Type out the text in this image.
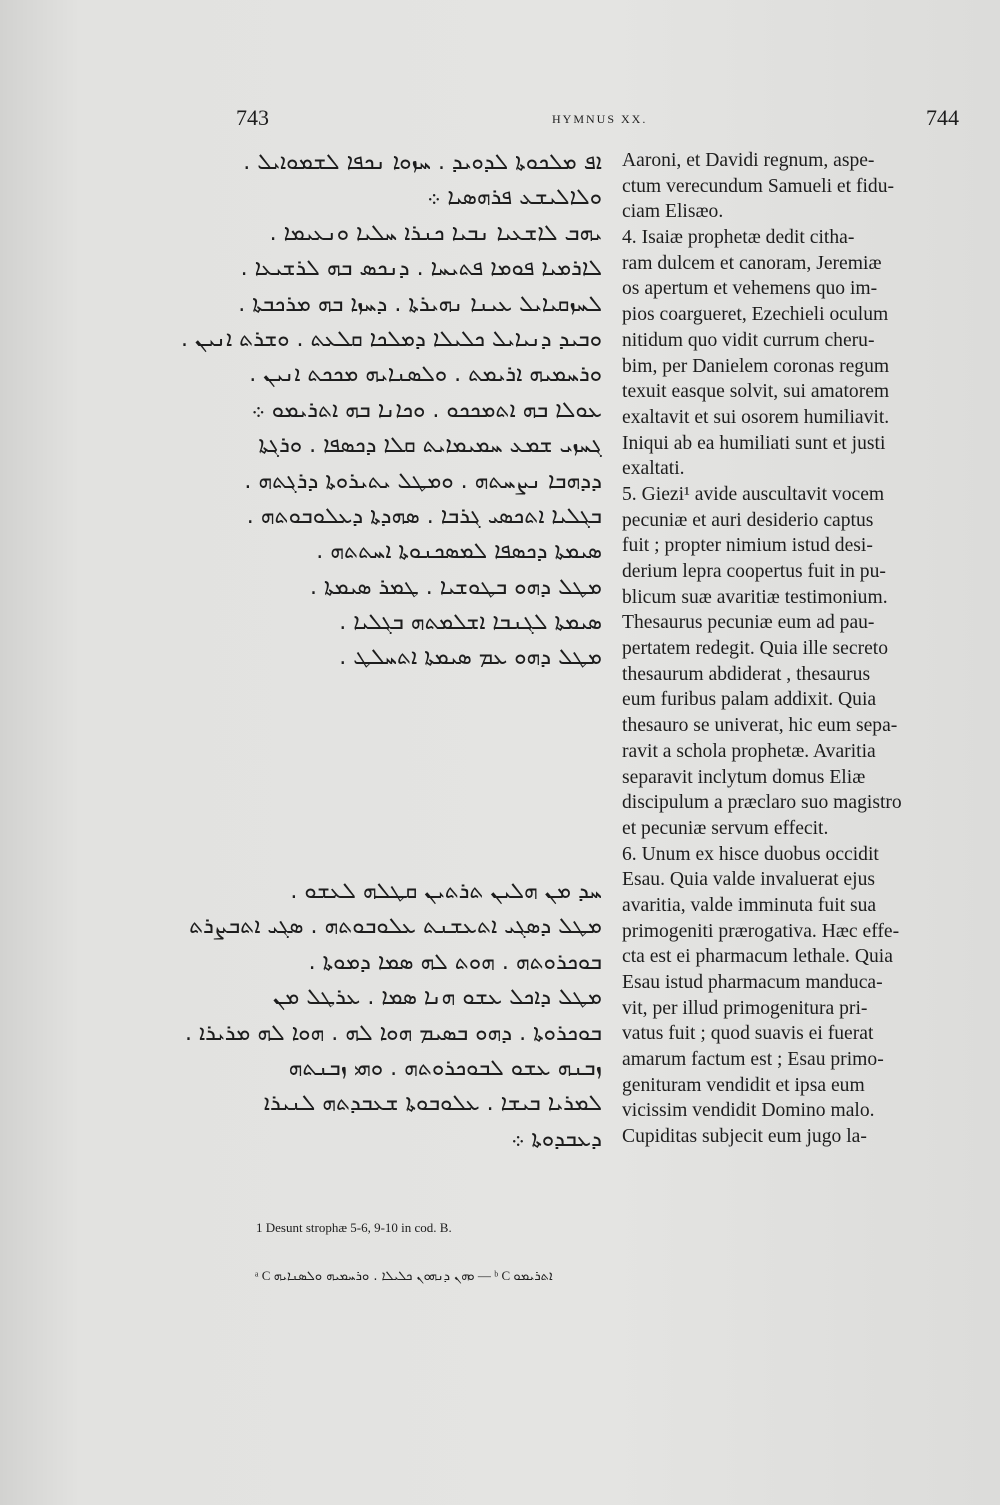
743	HYMNUS XX.	744
ܐܦ ܡܠܟܘܬܐ ܠܕܘܝܕ . ܚܙܘܐ ܢܟܦܐ ܠܫܡܘܐܝܠ .
ܘܠܐܠܝܫܥ ܦܪܗܣܝܐ ܀
ܝܗܒ ܠܐܫܥܝܐ ܢܒܝܐ ܟܢܪܐ ܚܠܝܐ ܘܢܥܝܡܐ .
ܠܐܪܡܝܐ ܦܘܡܐ ܦܬܝܚܐ . ܕܢܟܣ ܒܗ ܠܪܫܝܥܐ .
ܠܚܙܩܝܐܝܠ ܥܝܢܐ ܢܗܝܪܬܐ . ܕܚܙܐ ܒܗ ܡܪܟܒܬܐ .
ܘܒܝܕ ܕܢܝܐܝܠ ܟܠܝܠܐ ܕܡܠܟܐ ܩܠܥܬ . ܘܫܪܬ ܐܢܝܢ .
ܘܪܚܡܝܗ ܐܪܝܡܬ . ܘܠܣܢܐܝܗ ܡܟܟܬ ܐܢܝܢ .
ܥܘܠܐ ܒܗ ܐܬܡܟܟܘ . ܘܟܐܢܐ ܒܗ ܐܬܪܝܡܘ ܀
ܓܚܙܝ ܫܡܥ ܚܡܝܡܐܝܬ ܩܠܐ ܕܟܣܦܐ . ܘܪܓܬܐ
ܕܕܗܒܐ ܢܨܚܬܗ . ܘܡܛܠ ܝܬܝܪܘܬܐ ܕܪܓܬܗ .
ܒܓܠܝܐ ܐܬܟܣܝ ܓܪܒܐ . ܣܗܕܬܐ ܕܥܠܘܒܘܬܗ .
ܣܝܡܬܐ ܕܟܣܦܐ ܠܡܣܟܢܘܬܐ ܐܚܬܬܗ .
ܡܛܠ ܕܗܘ ܒܛܘܫܝܐ . ܛܡܪ ܣܝܡܬܐ .
ܣܝܡܬܐ ܠܓܢܒܐ ܐܫܠܡܬܗ ܒܓܠܝܐ .
ܡܛܠ ܕܗܘ ܥܡ ܣܝܡܬܐ ܐܬܚܠܛ .
ܚܕ ܡܢ ܗܠܝܢ ܬܪܬܝܢ ܩܛܠܗ ܠܥܫܘ .
ܡܛܠ ܕܣܓܝ ܐܬܥܫܢܬ ܥܠܘܒܘܬܗ . ܣܓܝ ܐܬܒܨܪܬ
ܒܘܟܪܘܬܗ . ܗܘܬ ܠܗ ܣܡܐ ܕܡܘܬܐ .
ܡܛܠ ܕܐܟܠ ܥܫܘ ܗܢܐ ܣܡܐ . ܥܪܛܠ ܡܢ
ܒܘܟܪܘܬܐ . ܕܗܘ ܒܣܝܡ ܗܘܐ ܠܗ . ܗܘܐ ܠܗ ܡܪܝܪܐ .
ܙܒܢܗ ܥܫܘ ܠܒܘܟܪܘܬܗ . ܘܗܝ ܙܒܢܬܗ
ܠܡܪܝܐ ܒܝܫܐ . ܥܠܘܒܘܬܐ ܫܥܒܕܬܗ ܠܢܝܪܐ
ܕܥܒܕܘܬܐ ܀
Aaroni, et Davidi regnum, aspe-
ctum verecundum Samueli et fidu-
ciam Elisæo.
4. Isaiæ prophetæ dedit cithа-
ram dulcem et canoram, Jeremiæ
os apertum et vehemens quo im-
pios coargueret, Ezechieli oculum
nitidum quo vidit currum cheru-
bim, per Danielem coronas regum
texuit easque solvit, sui amatorem
exaltavit et sui osorem humiliavit.
Iniqui ab ea humiliati sunt et justi
exaltati.
5. Giezi¹ avide auscultavit vocem
pecuniæ et auri desiderio captus
fuit ; propter nimium istud desi-
derium lepra coopertus fuit in pu-
blicum suæ avaritiæ testimonium.
Thesaurus pecuniæ eum ad pau-
pertatem redegit. Quia ille secreto
thesaurum abdiderat , thesaurus
eum furibus palam addixit. Quia
thesauro se univerat, hic eum sepa-
ravit a schola prophetæ. Avaritia
separavit inclytum domus Eliæ
discipulum a præclaro suo magistro
et pecuniæ servum effecit.
6. Unum ex hisce duobus occidit
Esau. Quia valde invaluerat ejus
avaritia, valde imminuta fuit sua
primogeniti prærogativa. Hæc effe-
cta est ei pharmacum lethale. Quia
Esau istud pharmacum manduca-
vit, per illud primogenitura pri-
vatus fuit ; quod suavis ei fuerat
amarum factum est ; Esau primo-
genituram vendidit et ipsa eum
vicissim vendidit Domino malo.
Cupiditas subjecit eum jugo la-
1 Desunt strophæ 5-6, 9-10 in cod. B.
ᵃ C ܘܗܢ ܕܢܗܘܢ ܟܠܝܠܐ . ܘܪܚܡܝܗ ܘܠܣܢܐܝܗ — ᵇ C ܐܬܪܝܡܘ
